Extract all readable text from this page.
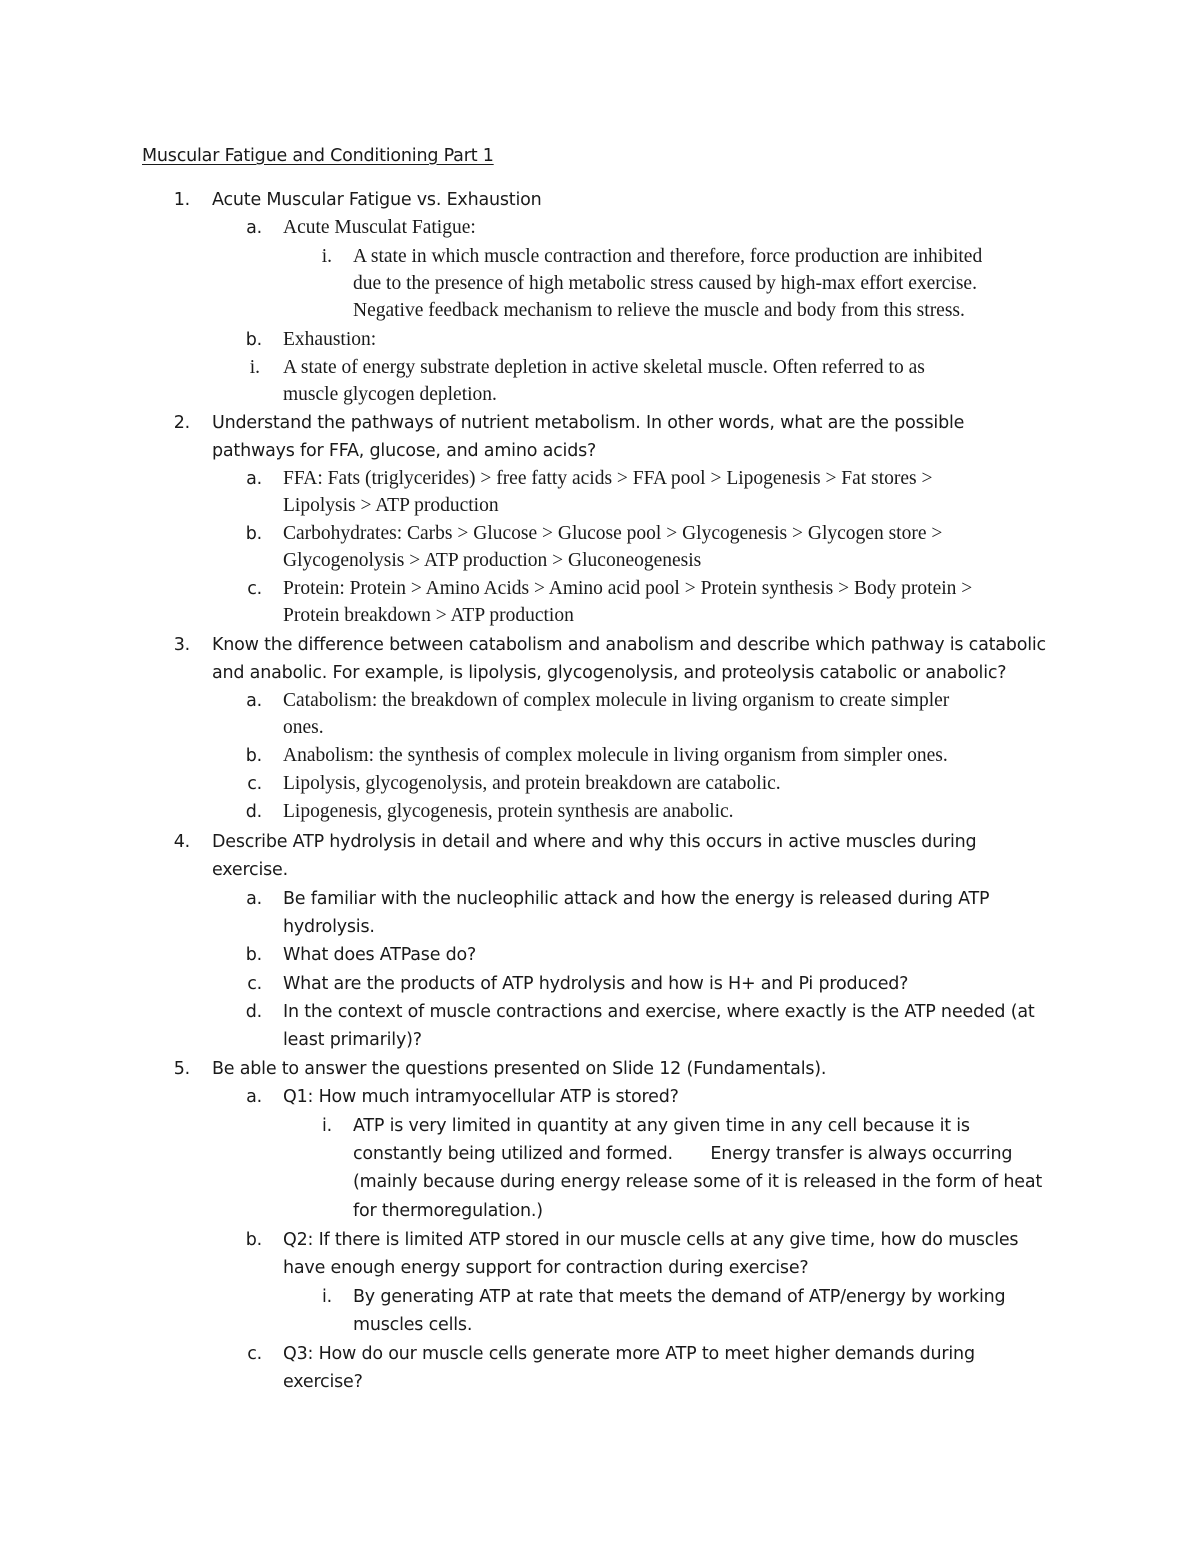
Muscular Fatigue and Conditioning Part 1
1. Acute Muscular Fatigue vs. Exhaustion
a. Acute Musculat Fatigue:
i. A state in which muscle contraction and therefore, force production are inhibited
due to the presence of high metabolic stress caused by high-max effort exercise.
Negative feedback mechanism to relieve the muscle and body from this stress.
b. Exhaustion:
i. A state of energy substrate depletion in active skeletal muscle. Often referred to as
muscle glycogen depletion.
2. Understand the pathways of nutrient metabolism. In other words, what are the possible
pathways for FFA, glucose, and amino acids?
a. FFA: Fats (triglycerides) > free fatty acids > FFA pool > Lipogenesis > Fat stores >
Lipolysis > ATP production
b. Carbohydrates: Carbs > Glucose > Glucose pool > Glycogenesis > Glycogen store >
Glycogenolysis > ATP production > Gluconeogenesis
c. Protein: Protein > Amino Acids > Amino acid pool > Protein synthesis > Body protein >
Protein breakdown > ATP production
3. Know the difference between catabolism and anabolism and describe which pathway is catabolic
and anabolic. For example, is lipolysis, glycogenolysis, and proteolysis catabolic or anabolic?
a. Catabolism: the breakdown of complex molecule in living organism to create simpler
ones.
b. Anabolism: the synthesis of complex molecule in living organism from simpler ones.
c. Lipolysis, glycogenolysis, and protein breakdown are catabolic.
d. Lipogenesis, glycogenesis, protein synthesis are anabolic.
4. Describe ATP hydrolysis in detail and where and why this occurs in active muscles during
exercise.
a. Be familiar with the nucleophilic attack and how the energy is released during ATP
hydrolysis.
b. What does ATPase do?
c. What are the products of ATP hydrolysis and how is H+ and Pi produced?
d. In the context of muscle contractions and exercise, where exactly is the ATP needed (at
least primarily)?
5. Be able to answer the questions presented on Slide 12 (Fundamentals).
a. Q1: How much intramyocellular ATP is stored?
i. ATP is very limited in quantity at any given time in any cell because it is
constantly being utilized and formed.       Energy transfer is always occurring
(mainly because during energy release some of it is released in the form of heat
for thermoregulation.)
b. Q2: If there is limited ATP stored in our muscle cells at any give time, how do muscles
have enough energy support for contraction during exercise?
i. By generating ATP at rate that meets the demand of ATP/energy by working
muscles cells.
c. Q3: How do our muscle cells generate more ATP to meet higher demands during
exercise?
